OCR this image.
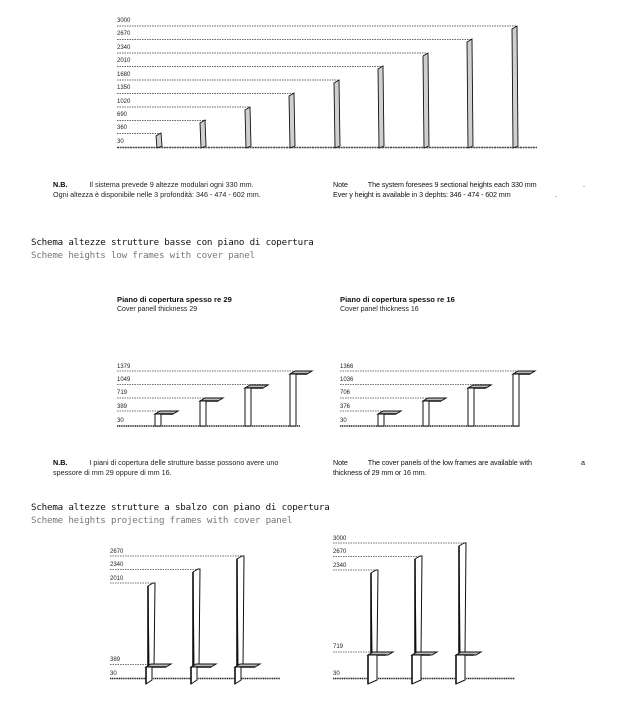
3000
2670
2340
2010
1680
1350
1020
690
360
30
N.B.	Il sistema prevede 9 altezze modulari ogni 330 mm.
Ogni altezza è disponibile nelle 3 profondità: 346 - 474 - 602 mm.
Note	The system foresees 9 sectional heights each 330 mm	.
Ever y height is available in 3 dephts: 346 - 474 - 602 mm	.
Schema altezze strutture basse con piano di copertura
Scheme heights low frames with cover panel
Piano di copertura spesso re 29
Cover panell thickness 29
Piano di copertura spesso re 16
Cover panel thickness 16
1379
1049
719
389
30
1366
1036
706
376
30
N.B.	I piani di copertura delle strutture basse possono avere uno
spessore di mm 29 oppure di mm 16.
Note	The cover panels of the low frames are available with	a
thickness of 29 mm or 16 mm.
Schema altezze strutture a sbalzo con piano di copertura
Scheme heights projecting frames with cover panel
2670
2340
2010
389
30
3000
2670
2340
719
30
